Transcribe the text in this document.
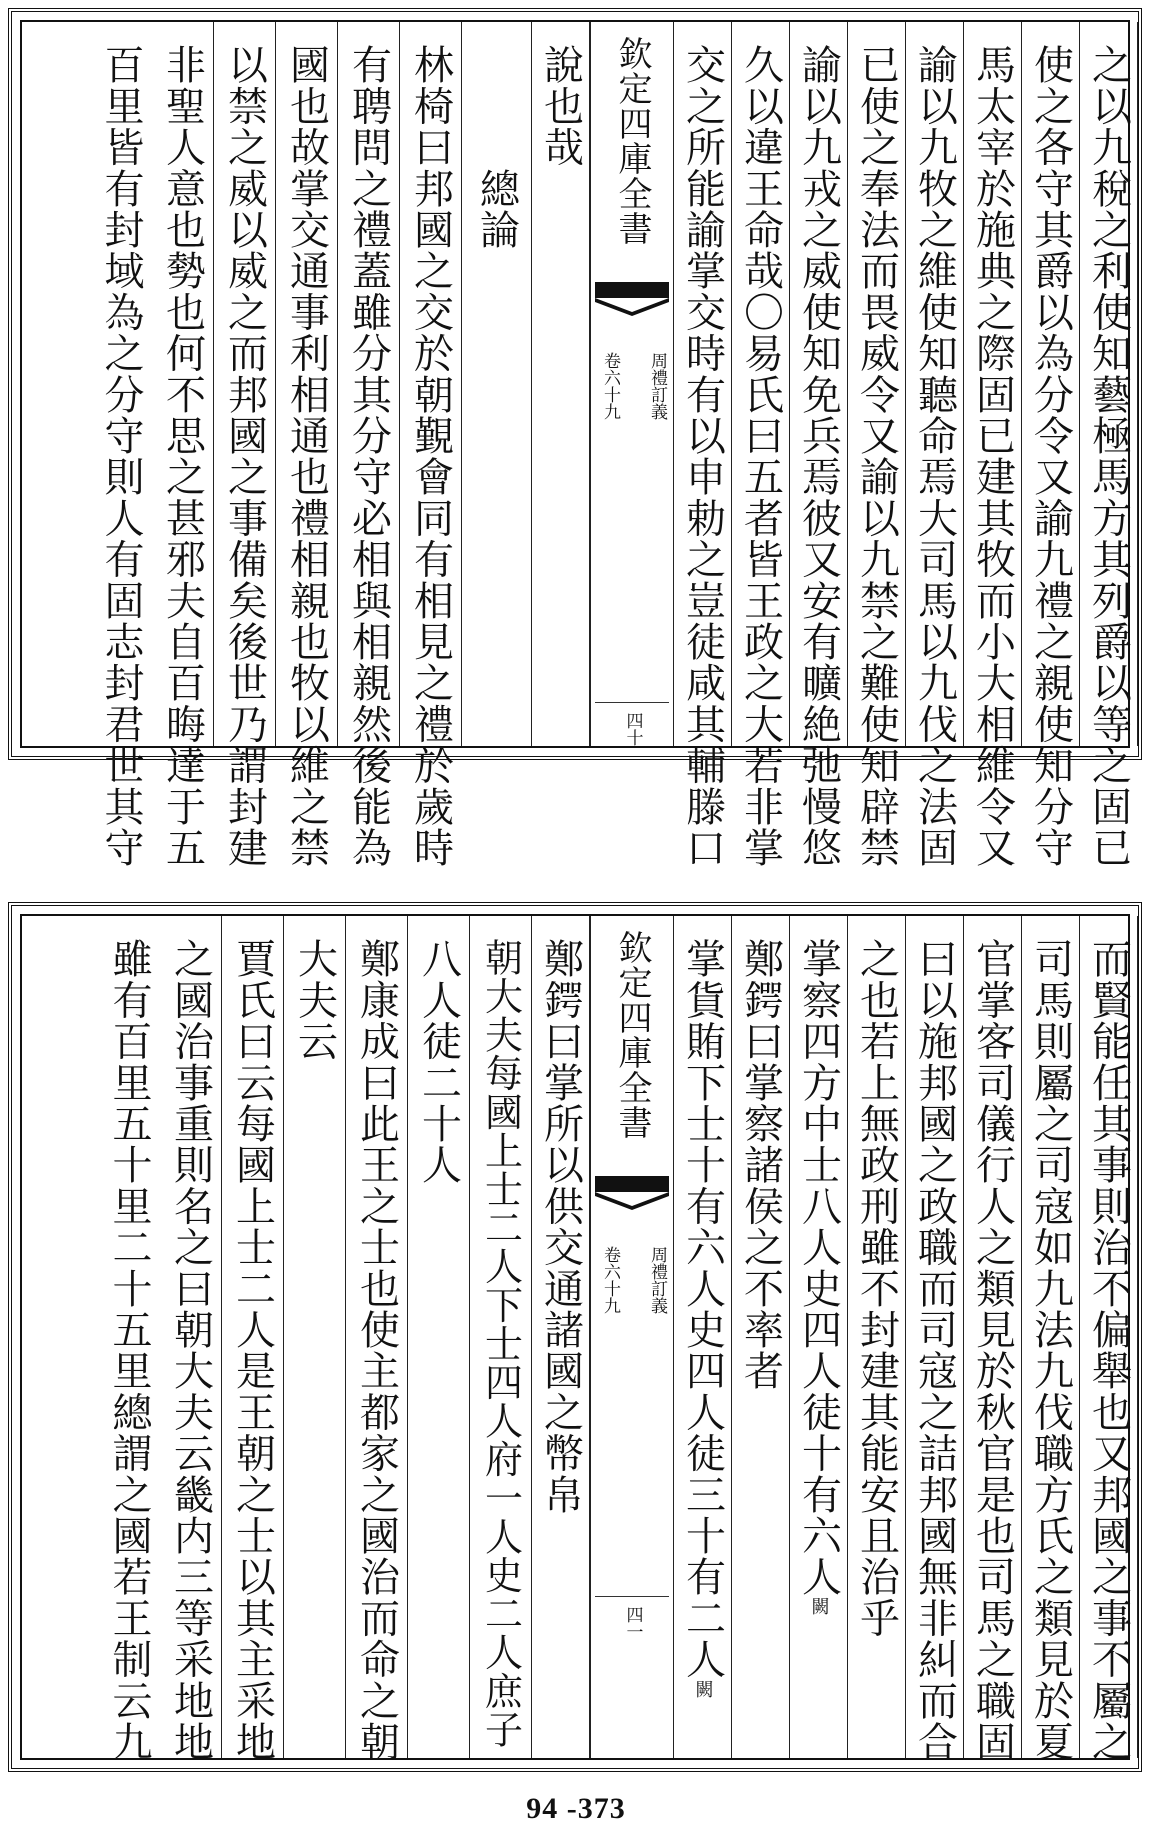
之以九稅之利使知藝極馬方其列爵以等之固已
使之各守其爵以為分令又諭九禮之親使知分守
馬太宰於施典之際固已建其牧而小大相維令又
諭以九牧之維使知聽命焉大司馬以九伐之法固
已使之奉法而畏威令又諭以九禁之難使知辟禁
諭以九戎之威使知免兵焉彼又安有曠絶弛慢悠
久以違王命哉〇易氏曰五者皆王政之大若非掌
交之所能諭掌交時有以申勅之豈徒咸其輔滕口
欽定四庫全書
周禮訂義
卷六十九
四十
說也哉
　　　總論
林椅曰邦國之交於朝覲會同有相見之禮於歲時
有聘問之禮蓋雖分其分守必相與相親然後能為
國也故掌交通事利相通也禮相親也牧以維之禁
以禁之威以威之而邦國之事備矣後世乃謂封建
非聖人意也勢也何不思之甚邪夫自百晦達于五
百里皆有封域為之分守則人有固志封君世其守
而賢能任其事則治不偏舉也又邦國之事不屬之
司馬則屬之司寇如九法九伐職方氏之類見於夏
官掌客司儀行人之類見於秋官是也司馬之職固
曰以施邦國之政職而司寇之詰邦國無非糾而合
之也若上無政刑雖不封建其能安且治乎
掌察四方中士八人史四人徒十有六人闕
鄭鍔曰掌察諸侯之不率者
掌貨賄下士十有六人史四人徒三十有二人闕
欽定四庫全書
周禮訂義
卷六十九
四一
鄭鍔曰掌所以供交通諸國之幣帛
朝大夫每國上士二人下士四人府一人史二人庶子
八人徒二十人
鄭康成曰此王之士也使主都家之國治而命之朝
大夫云
賈氏曰云每國上士二人是王朝之士以其主采地
之國治事重則名之曰朝大夫云畿内三等采地地
雖有百里五十里二十五里總謂之國若王制云九
94 -373
